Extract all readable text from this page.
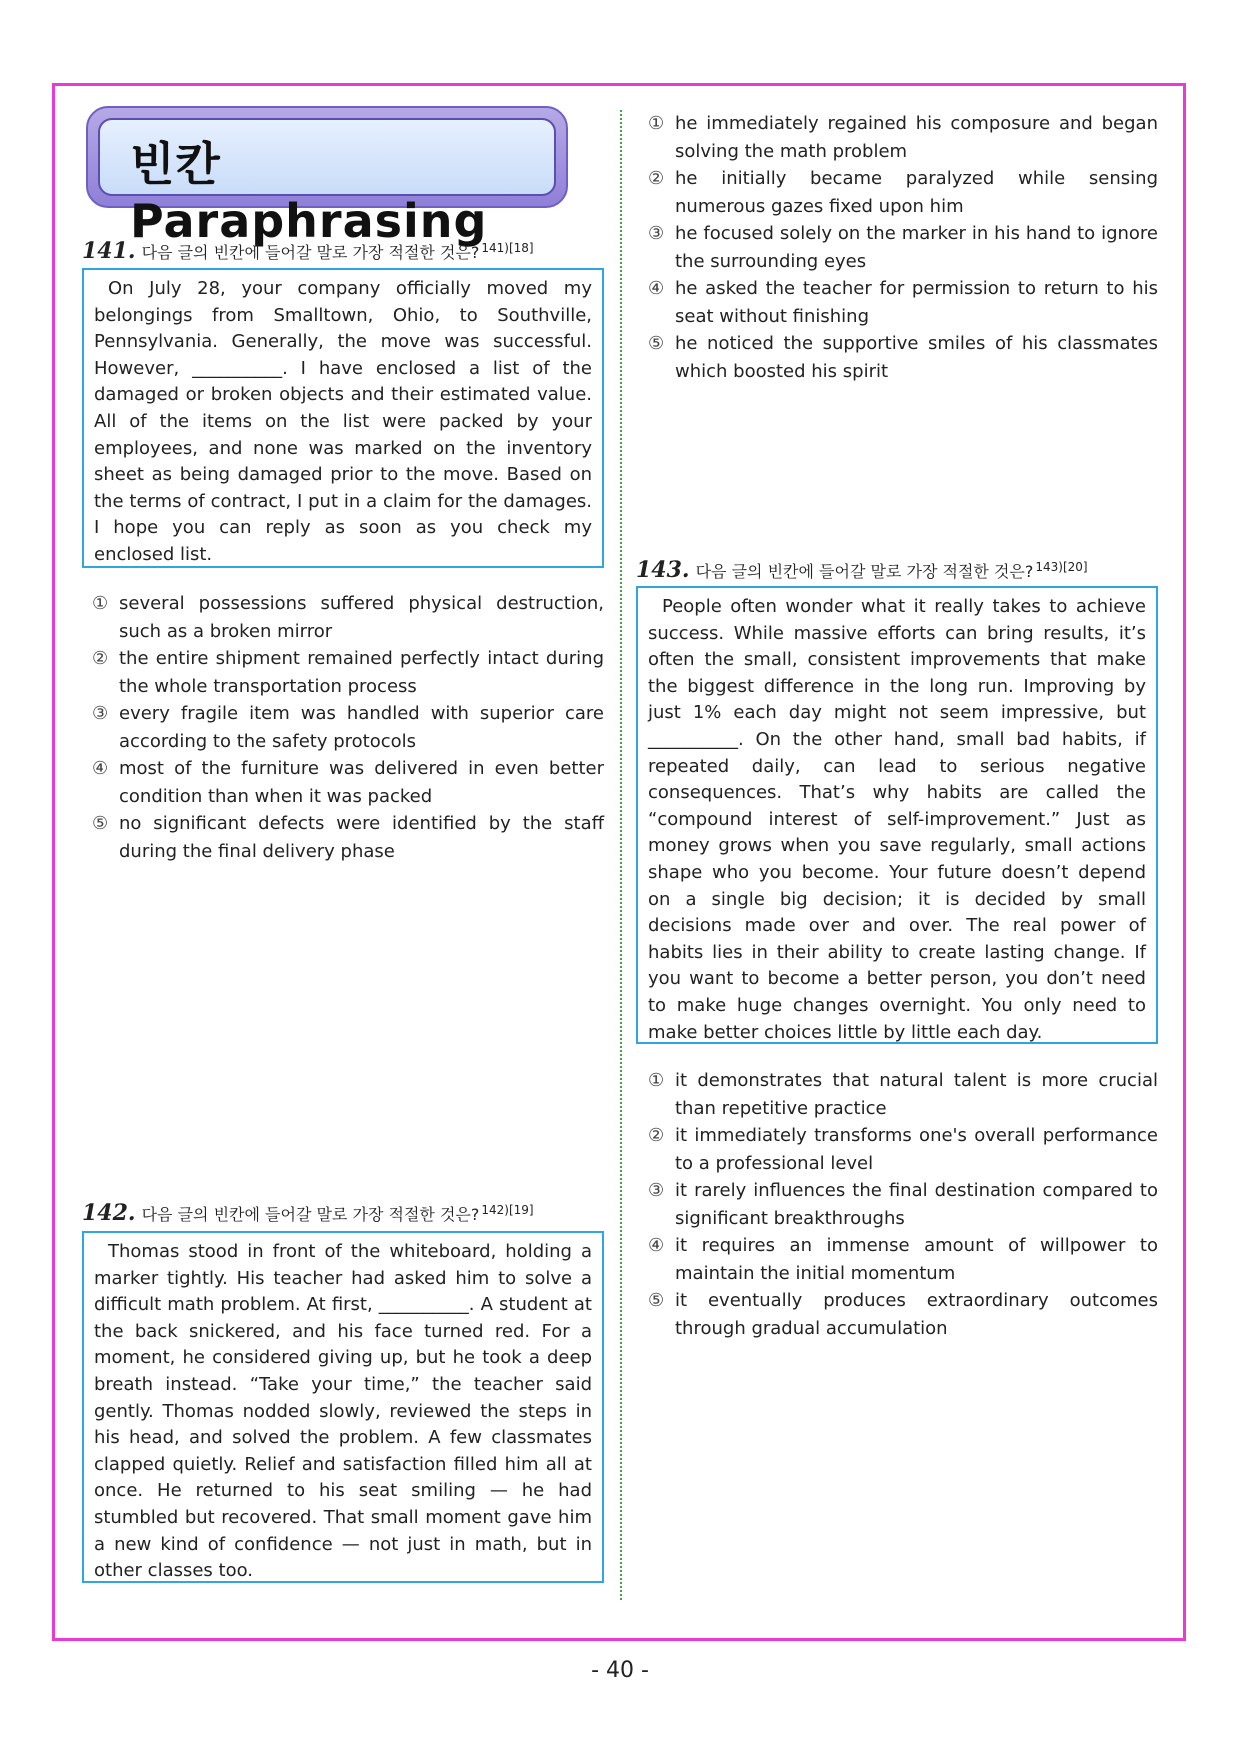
빈칸 Paraphrasing
141. 다음 글의 빈칸에 들어갈 말로 가장 적절한 것은? $^{141)[18]}$

On July 28, your company officially moved my belongings from Smalltown, Ohio, to Southville, Pennsylvania. Generally, the move was successful. However, __________. I have enclosed a list of the damaged or broken objects and their estimated value. All of the items on the list were packed by your employees, and none was marked on the inventory sheet as being damaged prior to the move. Based on the terms of contract, I put in a claim for the damages. I hope you can reply as soon as you check my enclosed list.

① several possessions suffered physical destruction, such as a broken mirror
② the entire shipment remained perfectly intact during the whole transportation process
③ every fragile item was handled with superior care according to the safety protocols
④ most of the furniture was delivered in even better condition than when it was packed
⑤ no significant defects were identified by the staff during the final delivery phase
142. 다음 글의 빈칸에 들어갈 말로 가장 적절한 것은? $^{142)[19]}$

Thomas stood in front of the whiteboard, holding a marker tightly. His teacher had asked him to solve a difficult math problem. At first, __________. A student at the back snickered, and his face turned red. For a moment, he considered giving up, but he took a deep breath instead. “Take your time,” the teacher said gently. Thomas nodded slowly, reviewed the steps in his head, and solved the problem. A few classmates clapped quietly. Relief and satisfaction filled him all at once. He returned to his seat smiling — he had stumbled but recovered. That small moment gave him a new kind of confidence — not just in math, but in other classes too.

① he immediately regained his composure and began solving the math problem
② he initially became paralyzed while sensing numerous gazes fixed upon him
③ he focused solely on the marker in his hand to ignore the surrounding eyes
④ he asked the teacher for permission to return to his seat without finishing
⑤ he noticed the supportive smiles of his classmates which boosted his spirit
143. 다음 글의 빈칸에 들어갈 말로 가장 적절한 것은? $^{143)[20]}$

People often wonder what it really takes to achieve success. While massive efforts can bring results, it’s often the small, consistent improvements that make the biggest difference in the long run. Improving by just 1% each day might not seem impressive, but __________. On the other hand, small bad habits, if repeated daily, can lead to serious negative consequences. That’s why habits are called the “compound interest of self-improvement.” Just as money grows when you save regularly, small actions shape who you become. Your future doesn’t depend on a single big decision; it is decided by small decisions made over and over. The real power of habits lies in their ability to create lasting change. If you want to become a better person, you don’t need to make huge changes overnight. You only need to make better choices little by little each day.

① it demonstrates that natural talent is more crucial than repetitive practice
② it immediately transforms one's overall performance to a professional level
③ it rarely influences the final destination compared to significant breakthroughs
④ it requires an immense amount of willpower to maintain the initial momentum
⑤ it eventually produces extraordinary outcomes through gradual accumulation
- 40 -
